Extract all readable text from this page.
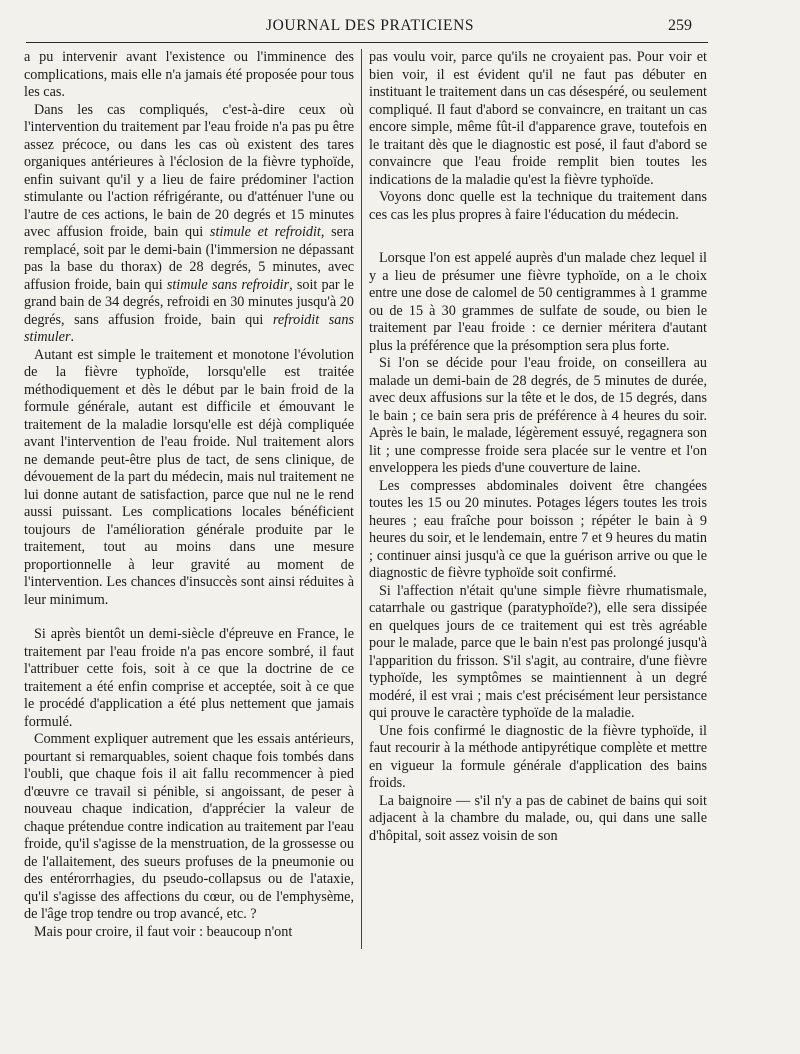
JOURNAL DES PRATICIENS	259

a pu intervenir avant l'existence ou l'imminence des complications, mais elle n'a jamais été proposée pour tous les cas.

Dans les cas compliqués, c'est-à-dire ceux où l'intervention du traitement par l'eau froide n'a pas pu être assez précoce, ou dans les cas où existent des tares organiques antérieures à l'éclosion de la fièvre typhoïde, enfin suivant qu'il y a lieu de faire prédominer l'action stimulante ou l'action réfrigérante, ou d'atténuer l'une ou l'autre de ces actions, le bain de 20 degrés et 15 minutes avec affusion froide, bain qui stimule et refroidit, sera remplacé, soit par le demi-bain (l'immersion ne dépassant pas la base du thorax) de 28 degrés, 5 minutes, avec affusion froide, bain qui stimule sans refroidir, soit par le grand bain de 34 degrés, refroidi en 30 minutes jusqu'à 20 degrés, sans affusion froide, bain qui refroidit sans stimuler.

Autant est simple le traitement et monotone l'évolution de la fièvre typhoïde, lorsqu'elle est traitée méthodiquement et dès le début par le bain froid de la formule générale, autant est difficile et émouvant le traitement de la maladie lorsqu'elle est déjà compliquée avant l'intervention de l'eau froide. Nul traitement alors ne demande peut-être plus de tact, de sens clinique, de dévouement de la part du médecin, mais nul traitement ne lui donne autant de satisfaction, parce que nul ne le rend aussi puissant. Les complications locales bénéficient toujours de l'amélioration générale produite par le traitement, tout au moins dans une mesure proportionnelle à leur gravité au moment de l'intervention. Les chances d'insuccès sont ainsi réduites à leur minimum.

Si après bientôt un demi-siècle d'épreuve en France, le traitement par l'eau froide n'a pas encore sombré, il faut l'attribuer cette fois, soit à ce que la doctrine de ce traitement a été enfin comprise et acceptée, soit à ce que le procédé d'application a été plus nettement que jamais formulé.

Comment expliquer autrement que les essais antérieurs, pourtant si remarquables, soient chaque fois tombés dans l'oubli, que chaque fois il ait fallu recommencer à pied d'œuvre ce travail si pénible, si angoissant, de peser à nouveau chaque indication, d'apprécier la valeur de chaque prétendue contre indication au traitement par l'eau froide, qu'il s'agisse de la menstruation, de la grossesse ou de l'allaitement, des sueurs profuses de la pneumonie ou des entérorrhagies, du pseudo-collapsus ou de l'ataxie, qu'il s'agisse des affections du cœur, ou de l'emphysème, de l'âge trop tendre ou trop avancé, etc. ?

Mais pour croire, il faut voir : beaucoup n'ont

pas voulu voir, parce qu'ils ne croyaient pas. Pour voir et bien voir, il est évident qu'il ne faut pas débuter en instituant le traitement dans un cas désespéré, ou seulement compliqué. Il faut d'abord se convaincre, en traitant un cas encore simple, même fût-il d'apparence grave, toutefois en le traitant dès que le diagnostic est posé, il faut d'abord se convaincre que l'eau froide remplit bien toutes les indications de la maladie qu'est la fièvre typhoïde.

Voyons donc quelle est la technique du traitement dans ces cas les plus propres à faire l'éducation du médecin.

Lorsque l'on est appelé auprès d'un malade chez lequel il y a lieu de présumer une fièvre typhoïde, on a le choix entre une dose de calomel de 50 centigrammes à 1 gramme ou de 15 à 30 grammes de sulfate de soude, ou bien le traitement par l'eau froide : ce dernier méritera d'autant plus la préférence que la présomption sera plus forte.

Si l'on se décide pour l'eau froide, on conseillera au malade un demi-bain de 28 degrés, de 5 minutes de durée, avec deux affusions sur la tête et le dos, de 15 degrés, dans le bain ; ce bain sera pris de préférence à 4 heures du soir. Après le bain, le malade, légèrement essuyé, regagnera son lit ; une compresse froide sera placée sur le ventre et l'on enveloppera les pieds d'une couverture de laine.

Les compresses abdominales doivent être changées toutes les 15 ou 20 minutes. Potages légers toutes les trois heures ; eau fraîche pour boisson ; répéter le bain à 9 heures du soir, et le lendemain, entre 7 et 9 heures du matin ; continuer ainsi jusqu'à ce que la guérison arrive ou que le diagnostic de fièvre typhoïde soit confirmé.

Si l'affection n'était qu'une simple fièvre rhumatismale, catarrhale ou gastrique (paratyphoïde?), elle sera dissipée en quelques jours de ce traitement qui est très agréable pour le malade, parce que le bain n'est pas prolongé jusqu'à l'apparition du frisson. S'il s'agit, au contraire, d'une fièvre typhoïde, les symptômes se maintiennent à un degré modéré, il est vrai ; mais c'est précisément leur persistance qui prouve le caractère typhoïde de la maladie.

Une fois confirmé le diagnostic de la fièvre typhoïde, il faut recourir à la méthode antipyrétique complète et mettre en vigueur la formule générale d'application des bains froids.

La baignoire — s'il n'y a pas de cabinet de bains qui soit adjacent à la chambre du malade, ou, qui dans une salle d'hôpital, soit assez voisin de son
